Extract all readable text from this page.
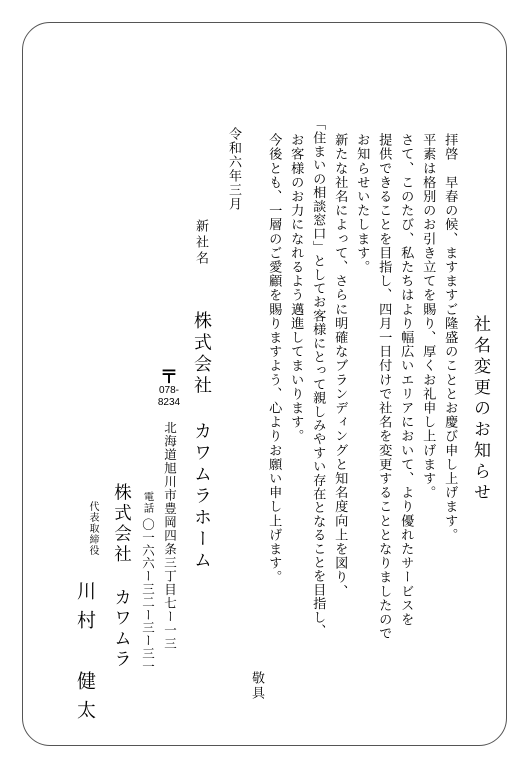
社名変更のお知らせ
拝啓　早春の候、ますますご隆盛のこととお慶び申し上げます。
平素は格別のお引き立てを賜り、厚くお礼申し上げます。
さて、このたび、私たちはより幅広いエリアにおいて、より優れたサービスを
提供できることを目指し、四月一日付けで社名を変更することとなりましたので
お知らせいたします。
新たな社名によって、さらに明確なブランディングと知名度向上を図り、
「住まいの相談窓口」としてお客様にとって親しみやすい存在となることを目指し、
お客様のお力になれるよう邁進してまいります。
今後とも、一層のご愛顧を賜りますよう、心よりお願い申し上げます。
敬具
令和六年三月
新社名
株式会社 カワムラホーム
〒
078-
8234
北海道旭川市豊岡四条三丁目七ー一三
電話
〇一六六ー三二ー三ー三一
株式会社 カワムラ
代表取締役
川村 健太
